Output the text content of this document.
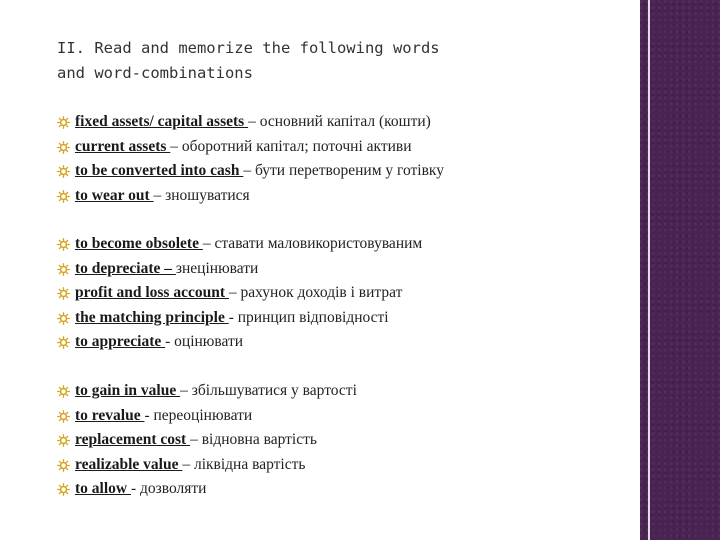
II. Read and memorize the following words
and word-combinations
fixed assets/ capital assets – основний капітал (кошти)
current assets – оборотний капітал; поточні активи
to be converted into cash – бути перетвореним у готівку
to wear out – зношуватися
to become obsolete – ставати маловикористовуваним
to depreciate – знецінювати
profit and loss account – рахунок доходів і витрат
the matching principle - принцип відповідності
to appreciate - оцінювати
to gain in value – збільшуватися у вартості
to revalue - переоцінювати
replacement cost – відновна вартість
realizable value – ліквідна вартість
to allow - дозволяти
